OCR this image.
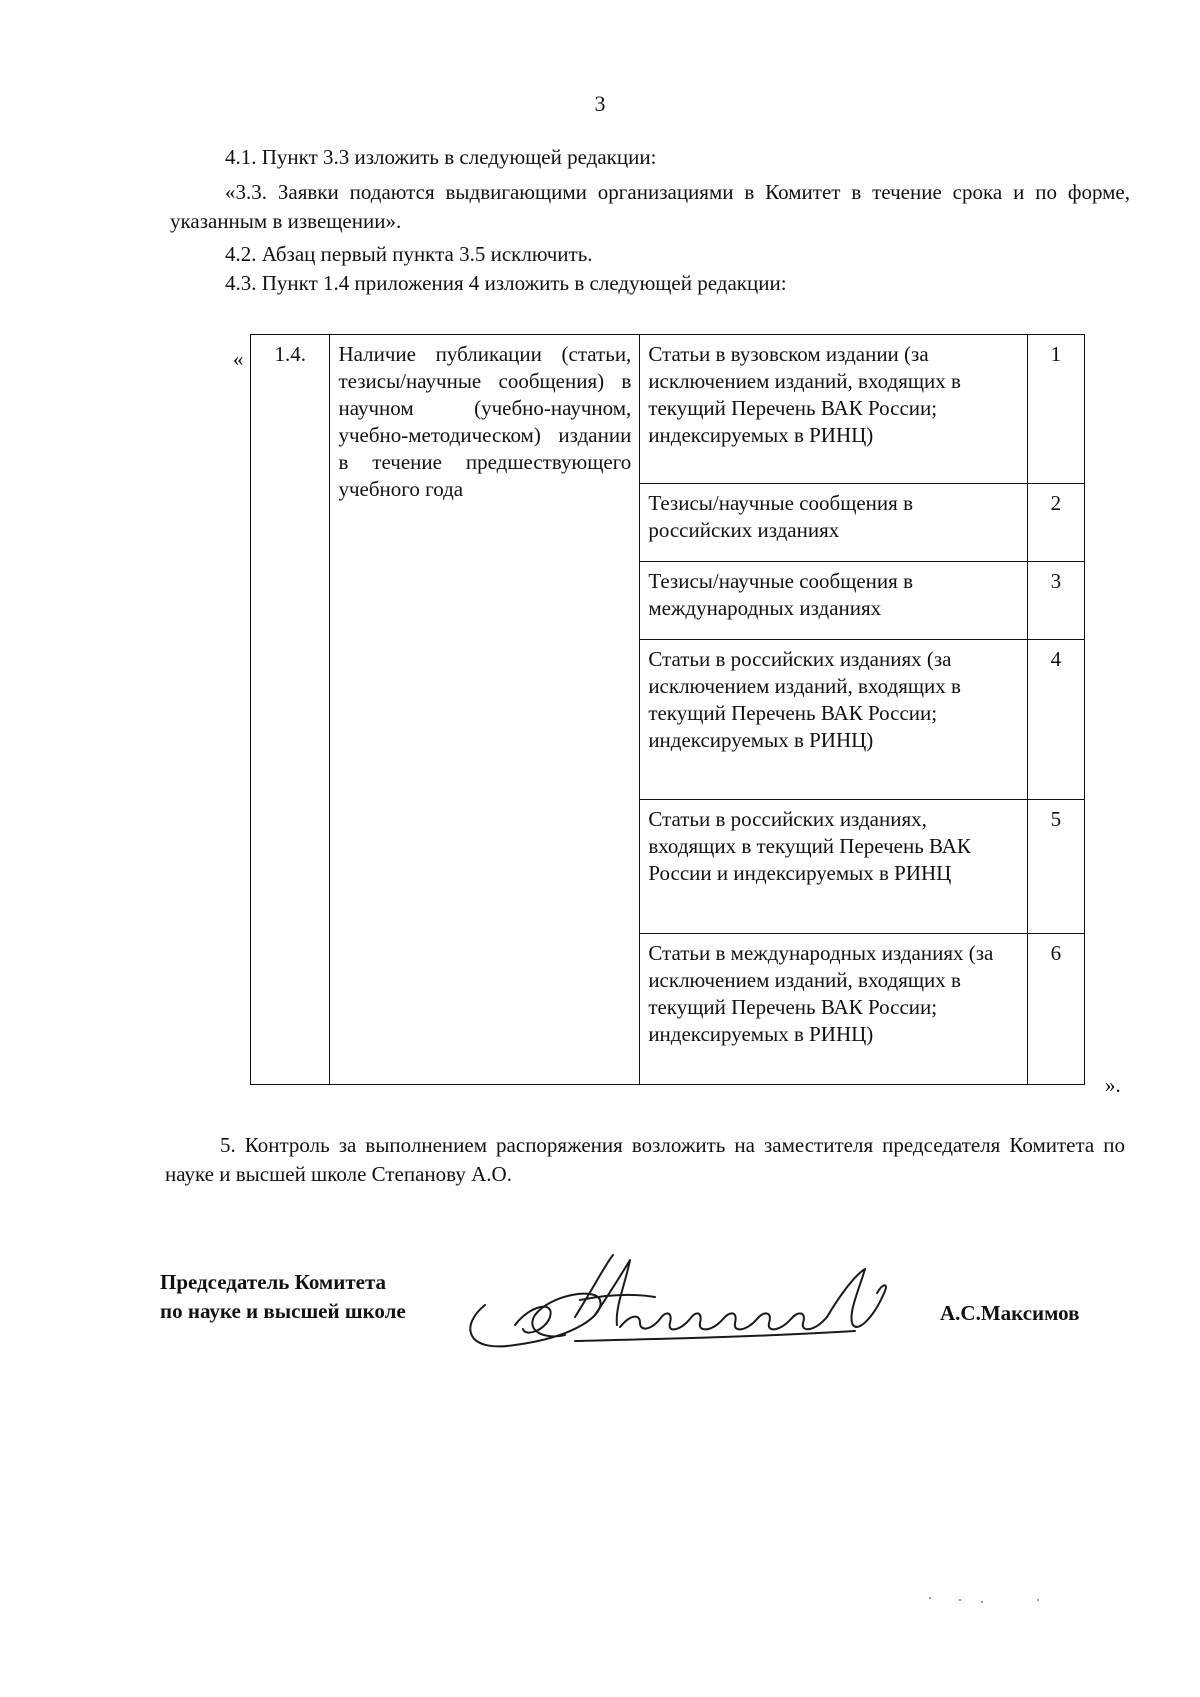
3

4.1. Пункт 3.3 изложить в следующей редакции:

«3.3. Заявки подаются выдвигающими организациями в Комитет в течение срока и по форме, указанным в извещении».

4.2. Абзац первый пункта 3.5 исключить.

4.3. Пункт 1.4 приложения 4 изложить в следующей редакции:

« 1.4.	Наличие публикации (статьи, тезисы/научные сообщения) в научном (учебно-научном, учебно-методическом) издании в течение предшествующего учебного года	Статьи в вузовском издании (за исключением изданий, входящих в текущий Перечень ВАК России; индексируемых в РИНЦ)	1
		Тезисы/научные сообщения в российских изданиях	2
		Тезисы/научные сообщения в международных изданиях	3
		Статьи в российских изданиях (за исключением изданий, входящих в текущий Перечень ВАК России; индексируемых в РИНЦ)	4
		Статьи в российских изданиях, входящих в текущий Перечень ВАК России и индексируемых в РИНЦ	5
		Статьи в международных изданиях (за исключением изданий, входящих в текущий Перечень ВАК России; индексируемых в РИНЦ)	6
».

5. Контроль за выполнением распоряжения возложить на заместителя председателя Комитета по науке и высшей школе Степанову А.О.

Председатель Комитета
по науке и высшей школе	А.С.Максимов
